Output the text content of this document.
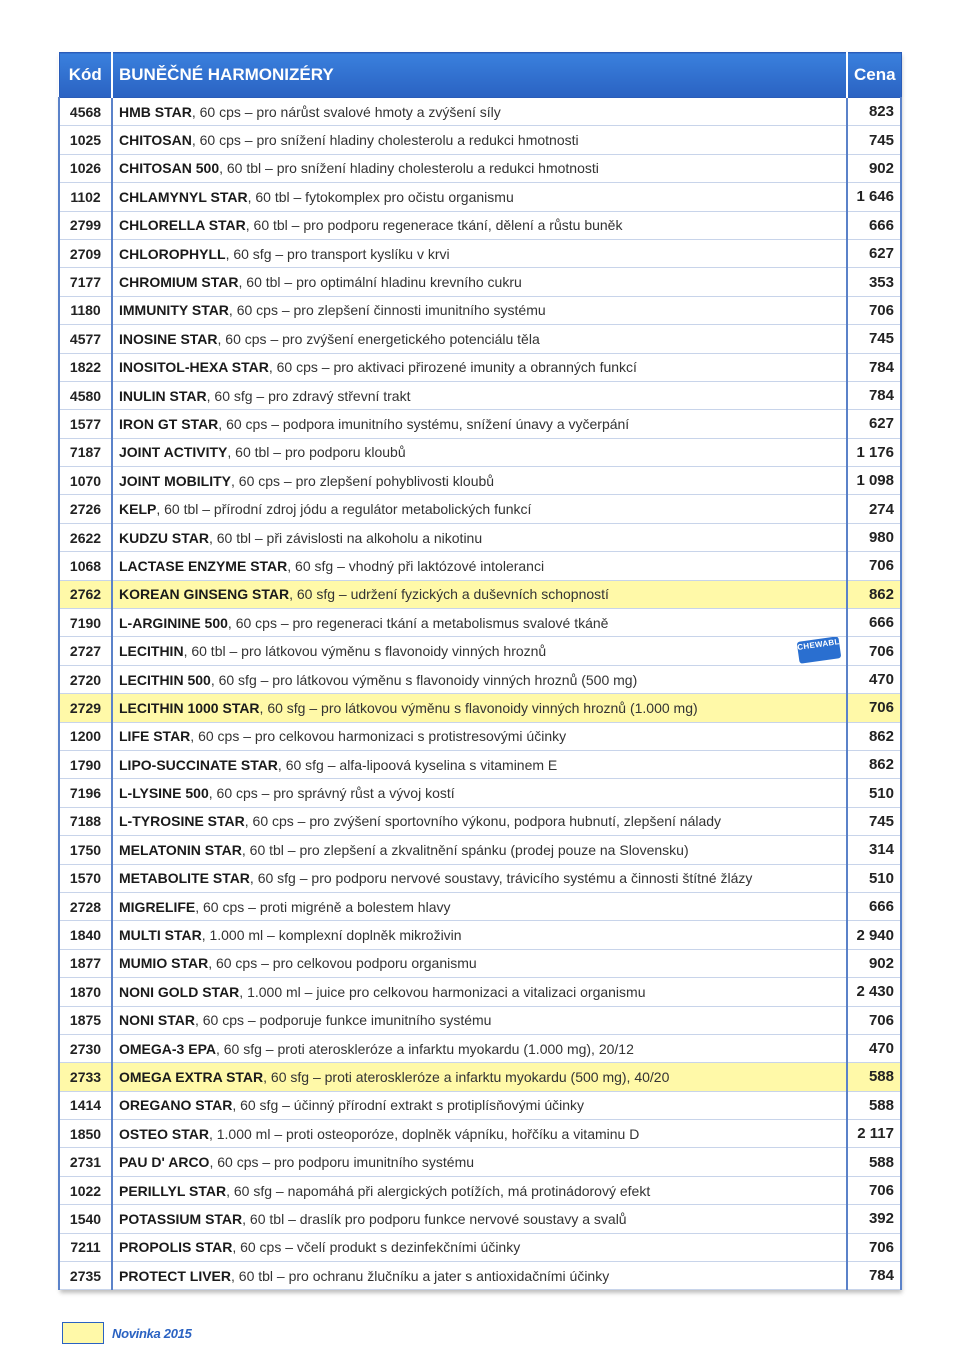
Kód	BUNĚČNÉ HARMONIZÉRY	Cena
4568	HMB STAR, 60 cps – pro nárůst svalové hmoty a zvýšení síly	823
1025	CHITOSAN, 60 cps – pro snížení hladiny cholesterolu a redukci hmotnosti	745
1026	CHITOSAN 500, 60 tbl – pro snížení hladiny cholesterolu a redukci hmotnosti	902
1102	CHLAMYNYL STAR, 60 tbl – fytokomplex pro očistu organismu	1 646
2799	CHLORELLA STAR, 60 tbl – pro podporu regenerace tkání, dělení a růstu buněk	666
2709	CHLOROPHYLL, 60 sfg – pro transport kyslíku v krvi	627
7177	CHROMIUM STAR, 60 tbl – pro optimální hladinu krevního cukru	353
1180	IMMUNITY STAR, 60 cps – pro zlepšení činnosti imunitního systému	706
4577	INOSINE STAR, 60 cps – pro zvýšení energetického potenciálu těla	745
1822	INOSITOL-HEXA STAR, 60 cps – pro aktivaci přirozené imunity a obranných funkcí	784
4580	INULIN STAR, 60 sfg – pro zdravý střevní trakt	784
1577	IRON GT STAR, 60 cps – podpora imunitního systému, snížení únavy a vyčerpání	627
7187	JOINT ACTIVITY, 60 tbl – pro podporu kloubů	1 176
1070	JOINT MOBILITY, 60 cps – pro zlepšení pohyblivosti kloubů	1 098
2726	KELP, 60 tbl – přírodní zdroj jódu a regulátor metabolických funkcí	274
2622	KUDZU STAR, 60 tbl – při závislosti na alkoholu a nikotinu	980
1068	LACTASE ENZYME STAR, 60 sfg – vhodný při laktózové intoleranci	706
2762	KOREAN GINSENG STAR, 60 sfg – udržení fyzických a duševních schopností	862
7190	L-ARGININE 500, 60 cps – pro regeneraci tkání a metabolismus svalové tkáně	666
2727	LECITHIN, 60 tbl – pro látkovou výměnu s flavonoidy vinných hroznů CHEWABLE	706
2720	LECITHIN 500, 60 sfg – pro látkovou výměnu s flavonoidy vinných hroznů (500 mg)	470
2729	LECITHIN 1000 STAR, 60 sfg – pro látkovou výměnu s flavonoidy vinných hroznů (1.000 mg)	706
1200	LIFE STAR, 60 cps – pro celkovou harmonizaci s protistresovými účinky	862
1790	LIPO-SUCCINATE STAR, 60 sfg – alfa-lipoová kyselina s vitaminem E	862
7196	L-LYSINE 500, 60 cps – pro správný růst a vývoj kostí	510
7188	L-TYROSINE STAR, 60 cps – pro zvýšení sportovního výkonu, podpora hubnutí, zlepšení nálady	745
1750	MELATONIN STAR, 60 tbl – pro zlepšení a zkvalitnění spánku (prodej pouze na Slovensku)	314
1570	METABOLITE STAR, 60 sfg – pro podporu nervové soustavy, trávicího systému a činnosti štítné žlázy	510
2728	MIGRELIFE, 60 cps – proti migréně a bolestem hlavy	666
1840	MULTI STAR, 1.000 ml – komplexní doplněk mikroživin	2 940
1877	MUMIO STAR, 60 cps – pro celkovou podporu organismu	902
1870	NONI GOLD STAR, 1.000 ml – juice pro celkovou harmonizaci a vitalizaci organismu	2 430
1875	NONI STAR, 60 cps – podporuje funkce imunitního systému	706
2730	OMEGA-3 EPA, 60 sfg – proti ateroskleróze a infarktu myokardu (1.000 mg), 20/12	470
2733	OMEGA EXTRA STAR, 60 sfg – proti ateroskleróze a infarktu myokardu (500 mg), 40/20	588
1414	OREGANO STAR, 60 sfg – účinný přírodní extrakt s protiplísňovými účinky	588
1850	OSTEO STAR, 1.000 ml – proti osteoporóze, doplněk vápníku, hořčíku a vitaminu D	2 117
2731	PAU D' ARCO, 60 cps – pro podporu imunitního systému	588
1022	PERILLYL STAR, 60 sfg – napomáhá při alergických potížích, má protinádorový efekt	706
1540	POTASSIUM STAR, 60 tbl – draslík pro podporu funkce nervové soustavy a svalů	392
7211	PROPOLIS STAR, 60 cps – včelí produkt s dezinfekčními účinky	706
2735	PROTECT LIVER, 60 tbl – pro ochranu žlučníku a jater s antioxidačními účinky	784
Novinka 2015
